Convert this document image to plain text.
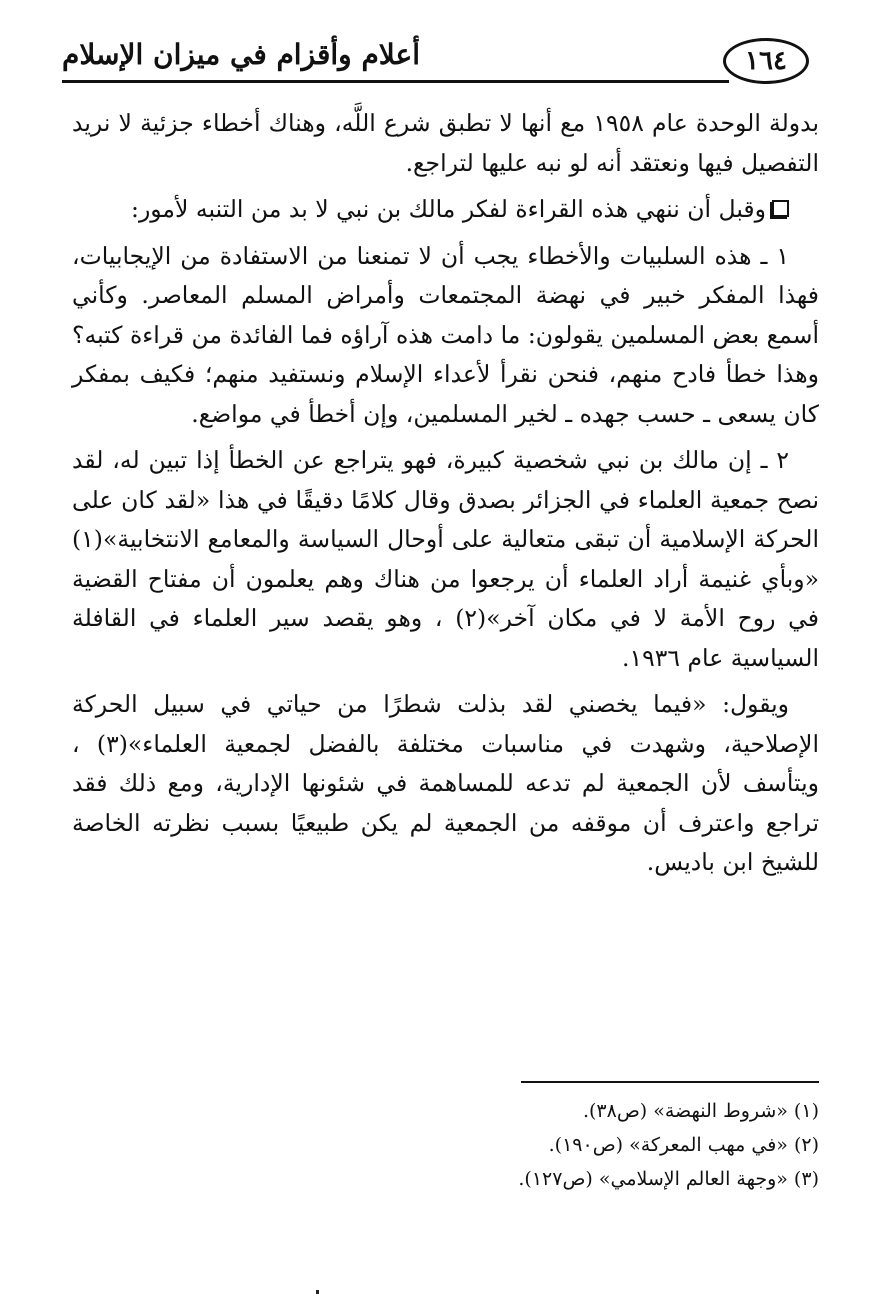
١٦٤
أعلام وأقزام في ميزان الإسلام

بدولة الوحدة عام ١٩٥٨ مع أنها لا تطبق شرع اللَّه، وهناك أخطاء جزئية لا نريد التفصيل فيها ونعتقد أنه لو نبه عليها لتراجع.

وقبل أن ننهي هذه القراءة لفكر مالك بن نبي لا بد من التنبه لأمور:

١ ـ هذه السلبيات والأخطاء يجب أن لا تمنعنا من الاستفادة من الإيجابيات، فهذا المفكر خبير في نهضة المجتمعات وأمراض المسلم المعاصر. وكأني أسمع بعض المسلمين يقولون: ما دامت هذه آراؤه فما الفائدة من قراءة كتبه؟ وهذا خطأ فادح منهم، فنحن نقرأ لأعداء الإسلام ونستفيد منهم؛ فكيف بمفكر كان يسعى ـ حسب جهده ـ لخير المسلمين، وإن أخطأ في مواضع.

٢ ـ إن مالك بن نبي شخصية كبيرة، فهو يتراجع عن الخطأ إذا تبين له، لقد نصح جمعية العلماء في الجزائر بصدق وقال كلامًا دقيقًا في هذا «لقد كان على الحركة الإسلامية أن تبقى متعالية على أوحال السياسة والمعامع الانتخابية»(١) «وبأي غنيمة أراد العلماء أن يرجعوا من هناك وهم يعلمون أن مفتاح القضية في روح الأمة لا في مكان آخر»(٢) ، وهو يقصد سير العلماء في القافلة السياسية عام ١٩٣٦.

ويقول: «فيما يخصني لقد بذلت شطرًا من حياتي في سبيل الحركة الإصلاحية، وشهدت في مناسبات مختلفة بالفضل لجمعية العلماء»(٣) ، ويتأسف لأن الجمعية لم تدعه للمساهمة في شئونها الإدارية، ومع ذلك فقد تراجع واعترف أن موقفه من الجمعية لم يكن طبيعيًا بسبب نظرته الخاصة للشيخ ابن باديس.

(١) «شروط النهضة» (ص٣٨).
(٢) «في مهب المعركة» (ص١٩٠).
(٣) «وجهة العالم الإسلامي» (ص١٢٧).
